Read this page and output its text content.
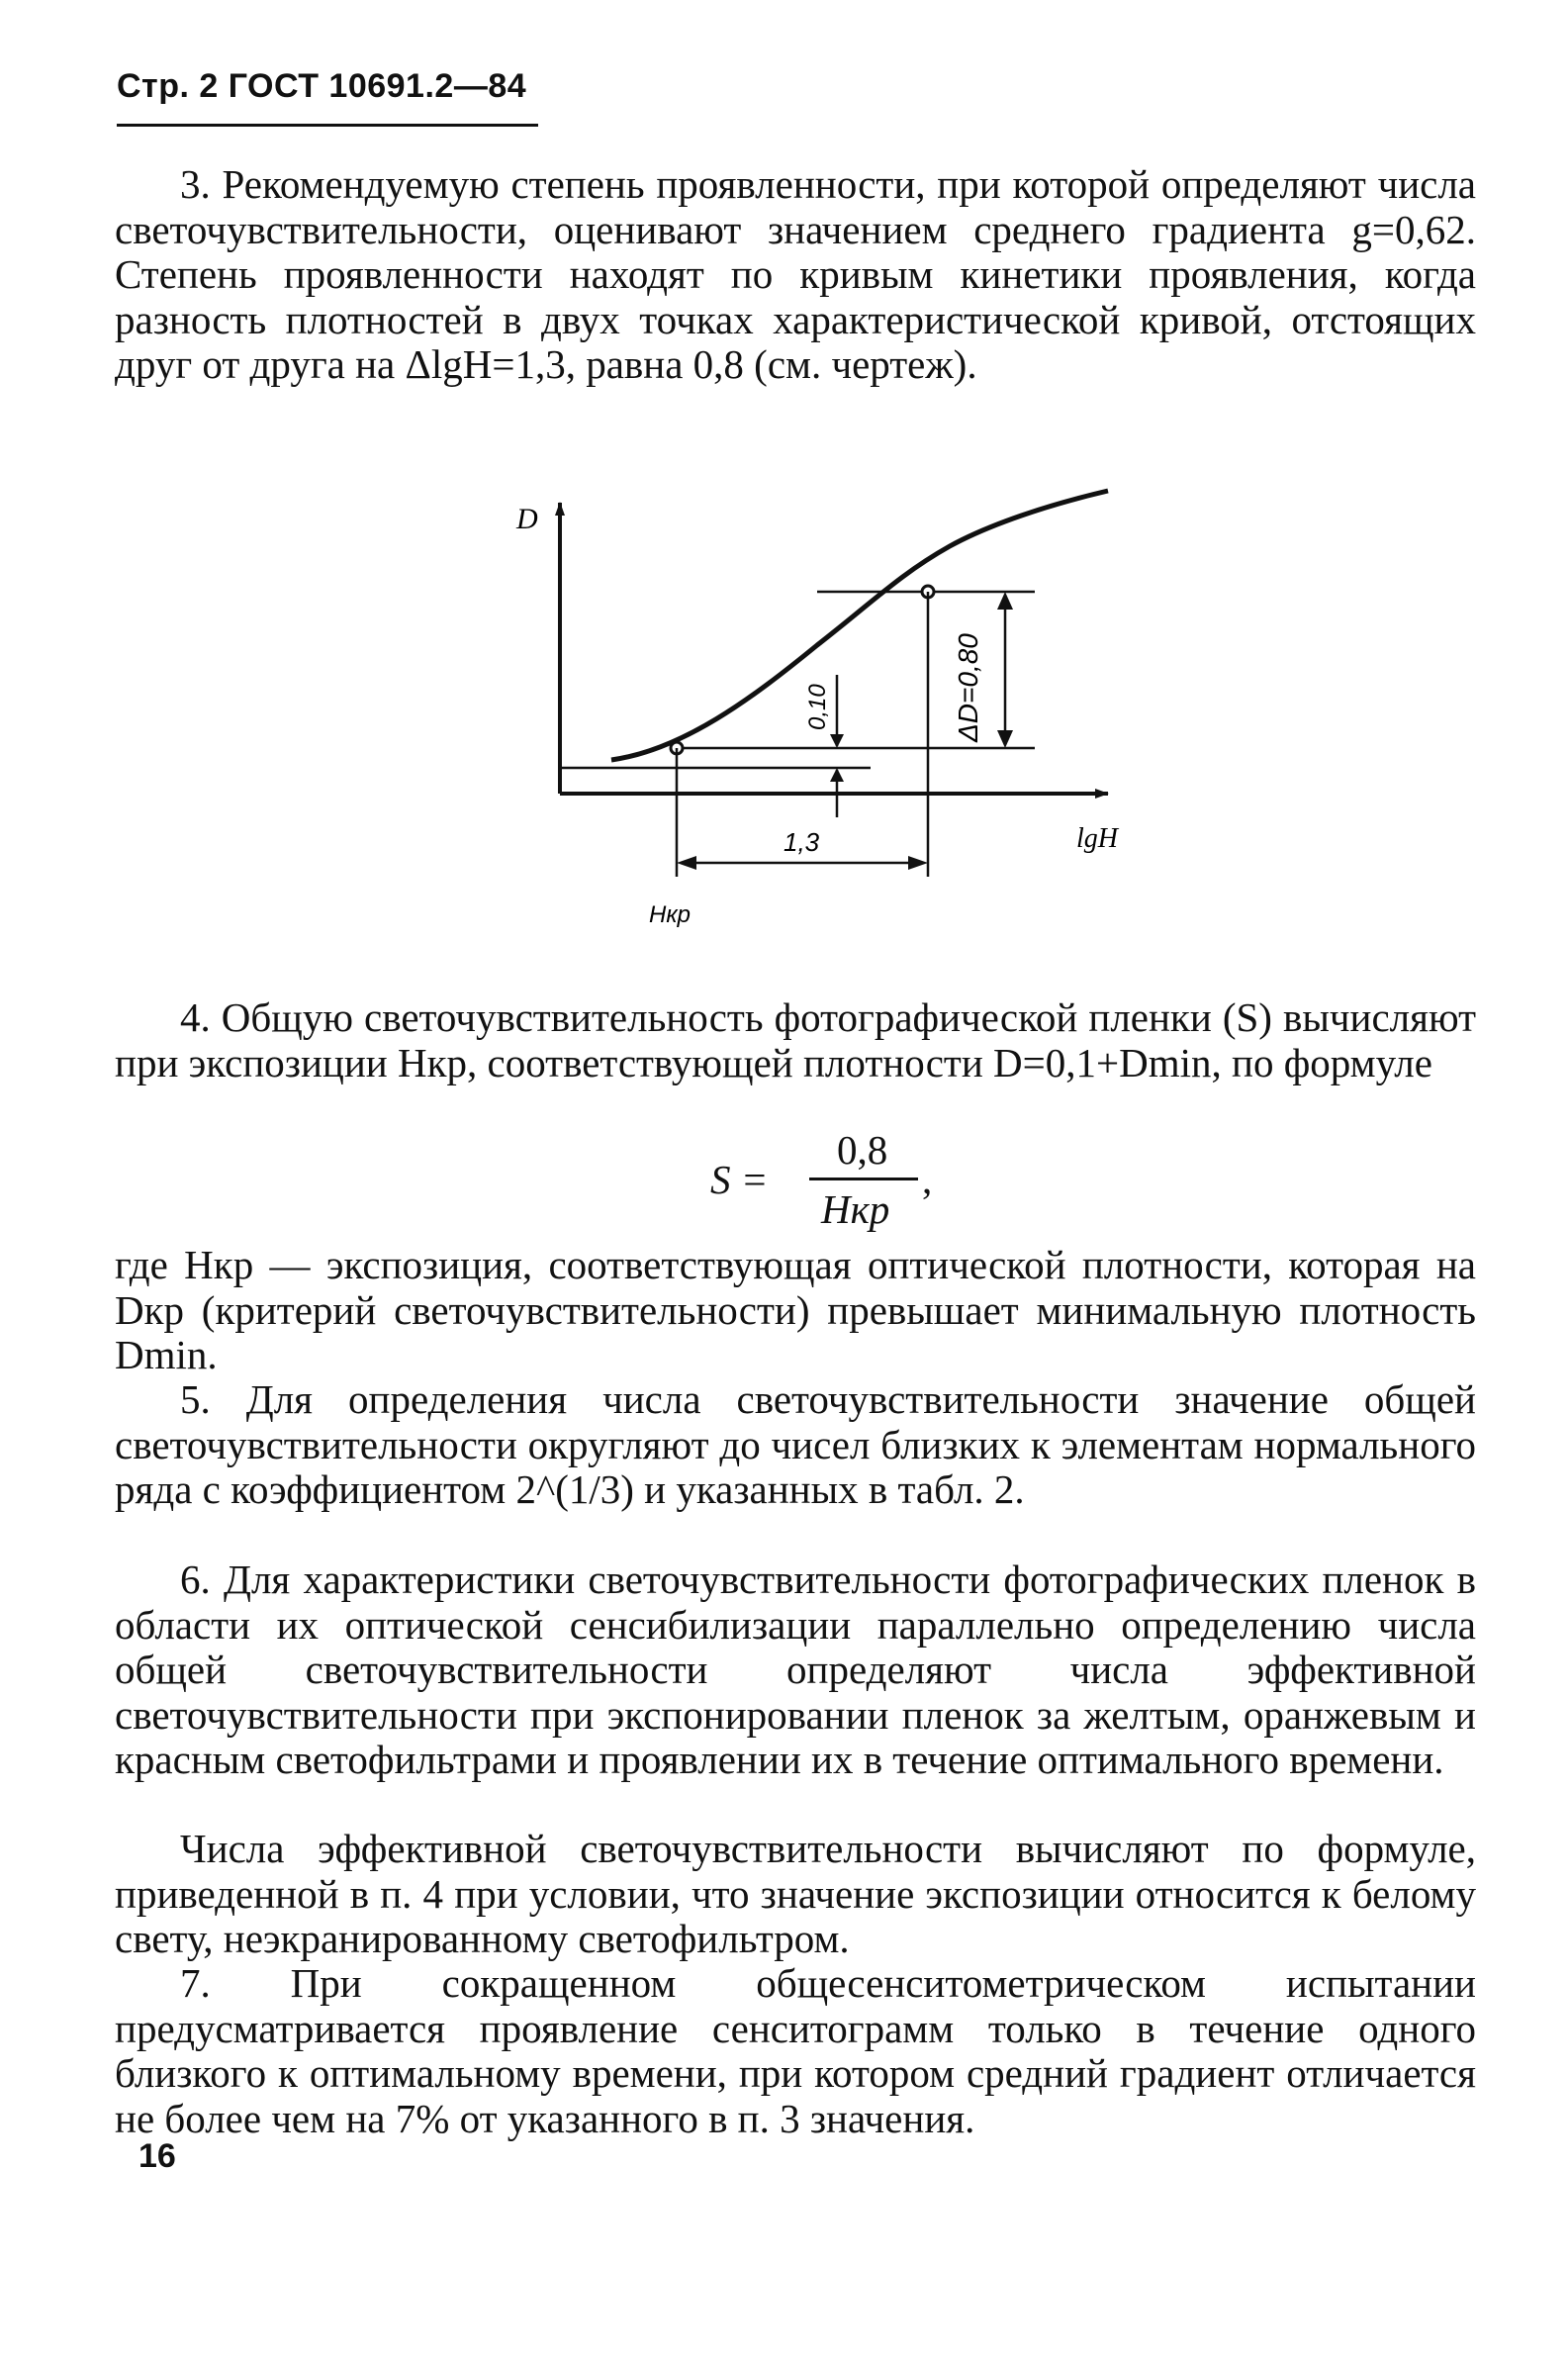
Стр. 2 ГОСТ 10691.2—84

3. Рекомендуемую степень проявленности, при которой определяют числа светочувствительности, оценивают значением среднего градиента g=0,62. Степень проявленности находят по кривым кинетики проявления, когда разность плотностей в двух точках характеристической кривой, отстоящих друг от друга на ΔlgH=1,3, равна 0,8 (см. чертеж).

D
lgH
ΔD=0,80
0,10
1,3
Hкр

4. Общую светочувствительность фотографической пленки (S) вычисляют при экспозиции Hкр, соответствующей плотности D=0,1+Dmin, по формуле

S =
0,8
Hкр
,

где Hкр — экспозиция, соответствующая оптической плотности, которая на Dкр (критерий светочувствительности) превышает минимальную плотность Dmin.

5. Для определения числа светочувствительности значение общей светочувствительности округляют до чисел близких к элементам нормального ряда с коэффициентом 2^(1/3) и указанных в табл. 2.

6. Для характеристики светочувствительности фотографических пленок в области их оптической сенсибилизации параллельно определению числа общей светочувствительности определяют числа эффективной светочувствительности при экспонировании пленок за желтым, оранжевым и красным светофильтрами и проявлении их в течение оптимального времени.

Числа эффективной светочувствительности вычисляют по формуле, приведенной в п. 4 при условии, что значение экспозиции относится к белому свету, неэкранированному светофильтром.

7. При сокращенном общесенситометрическом испытании предусматривается проявление сенситограмм только в течение одного близкого к оптимальному времени, при котором средний градиент отличается не более чем на 7% от указанного в п. 3 значения.

16
